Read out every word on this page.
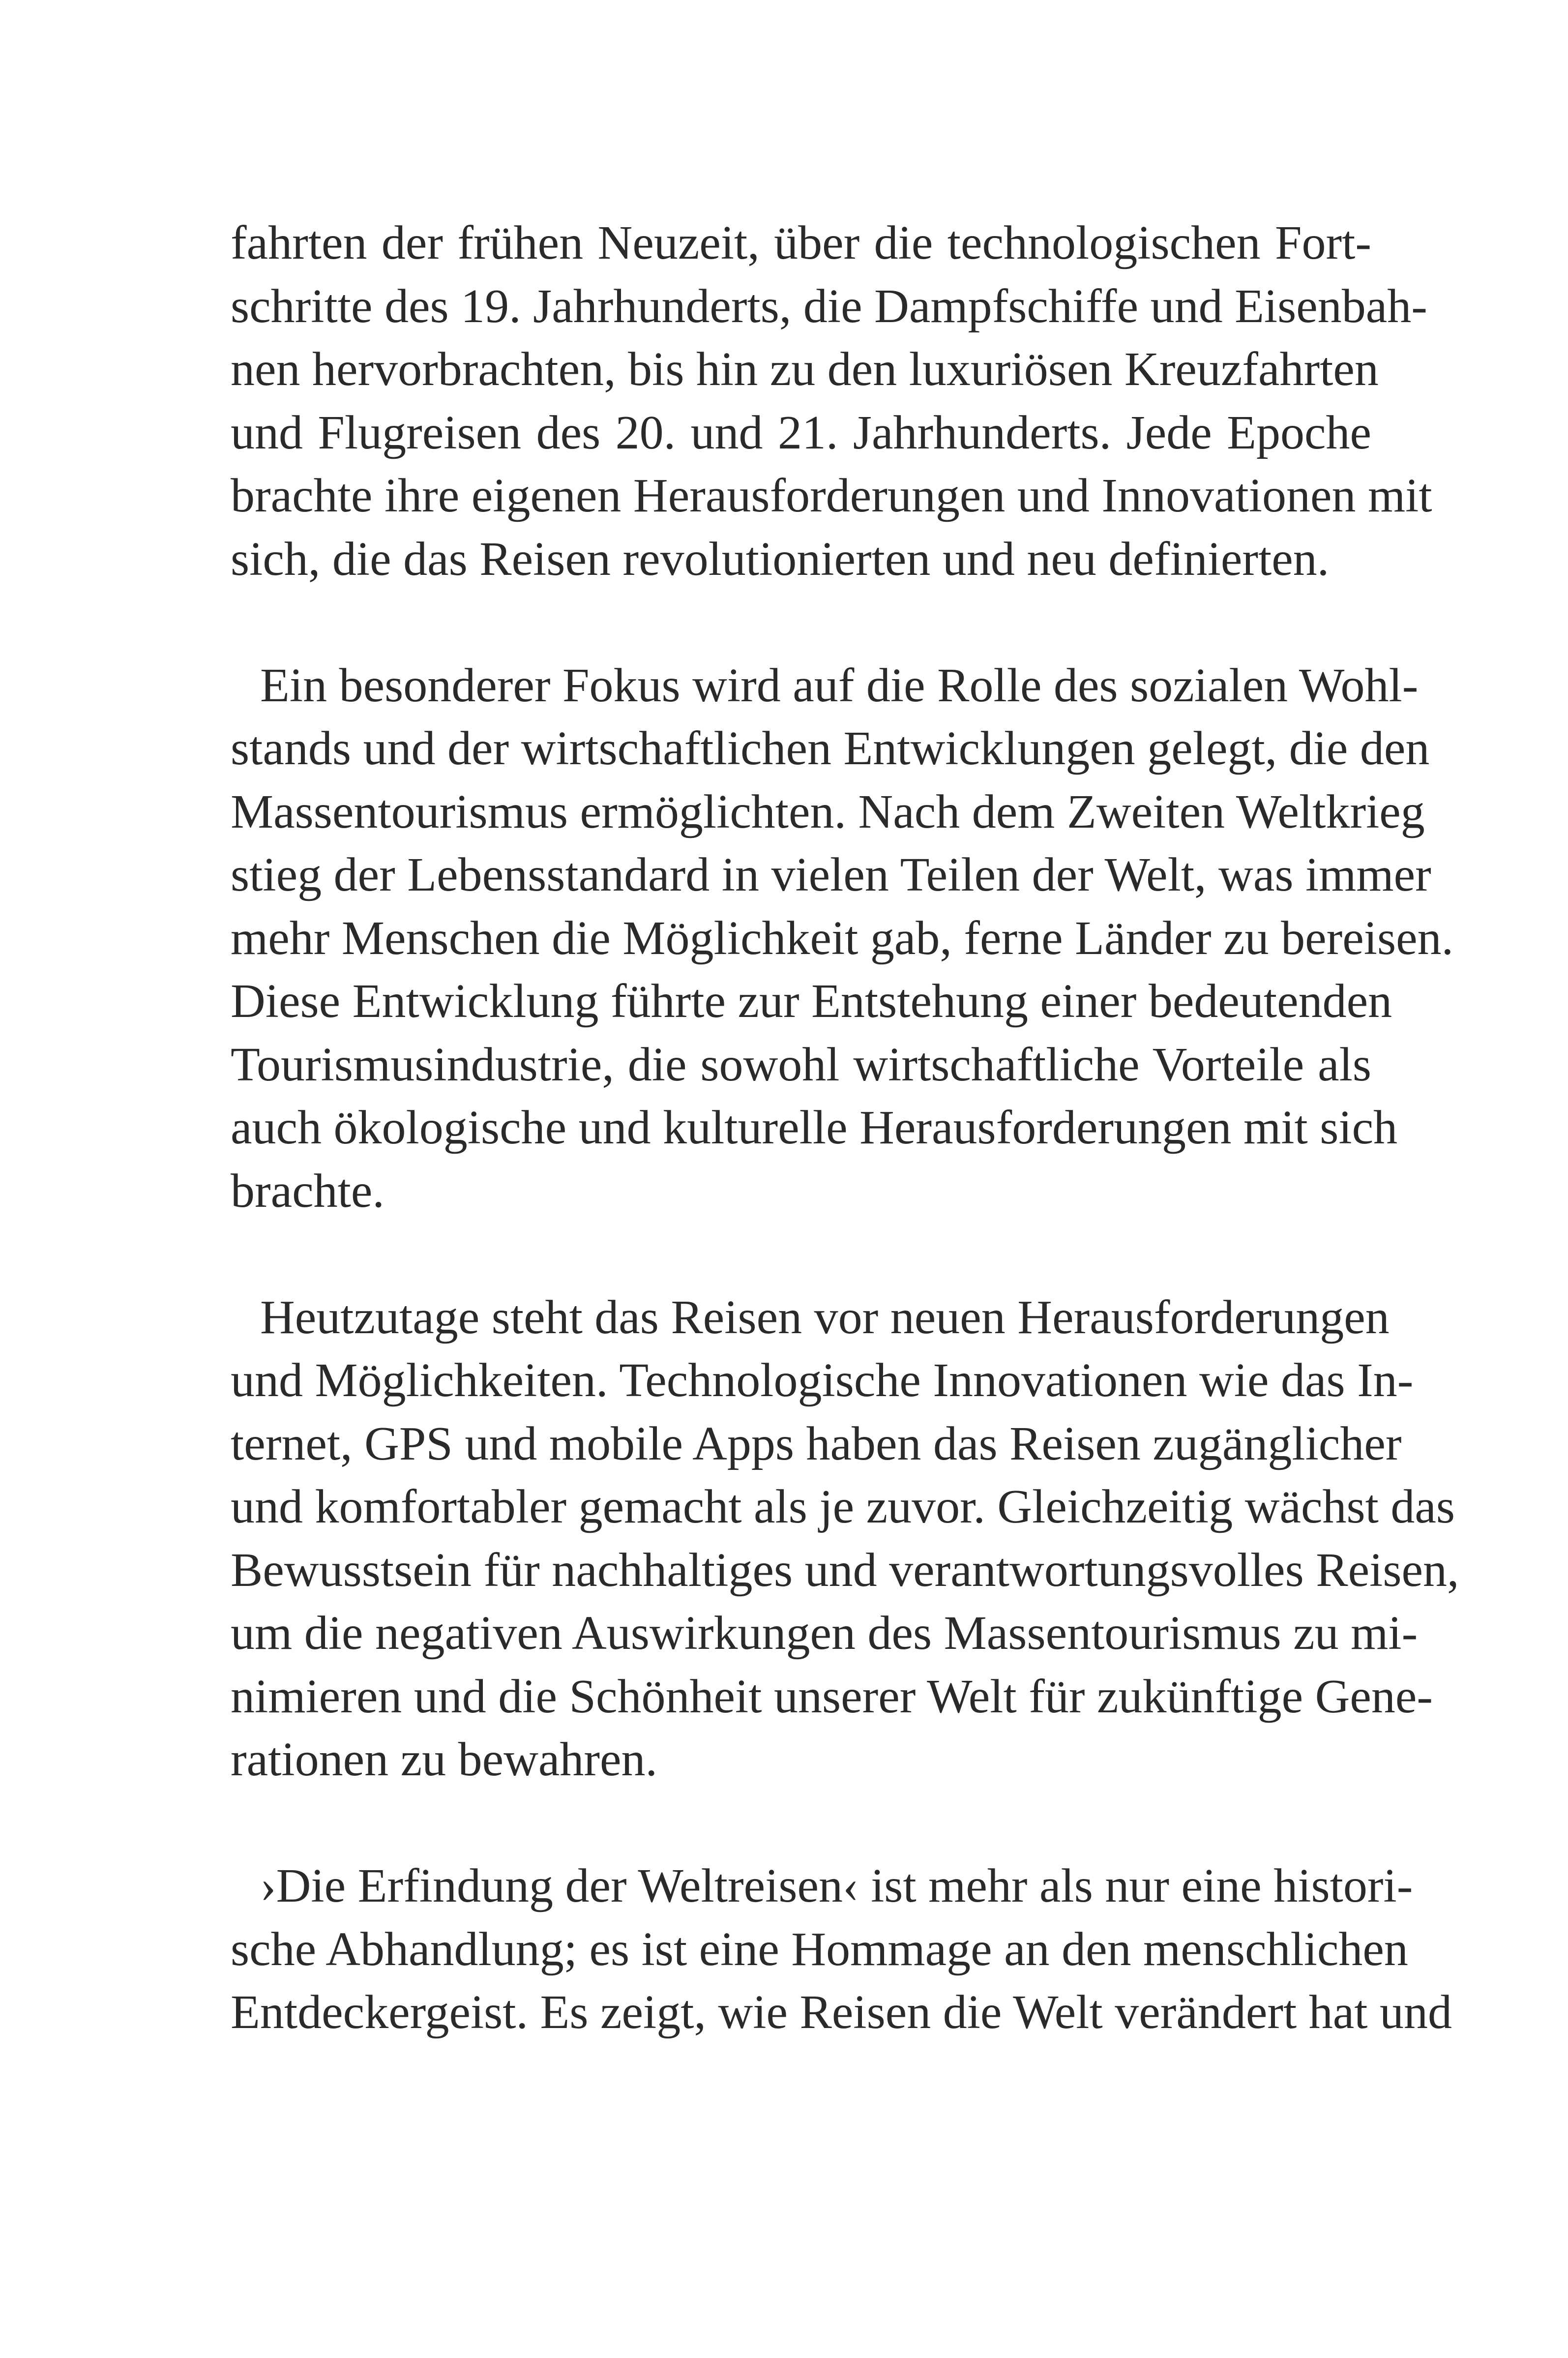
fahrten der frühen Neuzeit, über die technologischen Fort-
schritte des 19. Jahrhunderts, die Dampfschiffe und Eisenbah-
nen hervorbrachten, bis hin zu den luxuriösen Kreuzfahrten
und Flugreisen des 20. und 21. Jahrhunderts. Jede Epoche
brachte ihre eigenen Herausforderungen und Innovationen mit
sich, die das Reisen revolutionierten und neu definierten.
Ein besonderer Fokus wird auf die Rolle des sozialen Wohl-
stands und der wirtschaftlichen Entwicklungen gelegt, die den
Massentourismus ermöglichten. Nach dem Zweiten Weltkrieg
stieg der Lebensstandard in vielen Teilen der Welt, was immer
mehr Menschen die Möglichkeit gab, ferne Länder zu bereisen.
Diese Entwicklung führte zur Entstehung einer bedeutenden
Tourismusindustrie, die sowohl wirtschaftliche Vorteile als
auch ökologische und kulturelle Herausforderungen mit sich
brachte.
Heutzutage steht das Reisen vor neuen Herausforderungen
und Möglichkeiten. Technologische Innovationen wie das In-
ternet, GPS und mobile Apps haben das Reisen zugänglicher
und komfortabler gemacht als je zuvor. Gleichzeitig wächst das
Bewusstsein für nachhaltiges und verantwortungsvolles Reisen,
um die negativen Auswirkungen des Massentourismus zu mi-
nimieren und die Schönheit unserer Welt für zukünftige Gene-
rationen zu bewahren.
›Die Erfindung der Weltreisen‹ ist mehr als nur eine histori-
sche Abhandlung; es ist eine Hommage an den menschlichen
Entdeckergeist. Es zeigt, wie Reisen die Welt verändert hat und
